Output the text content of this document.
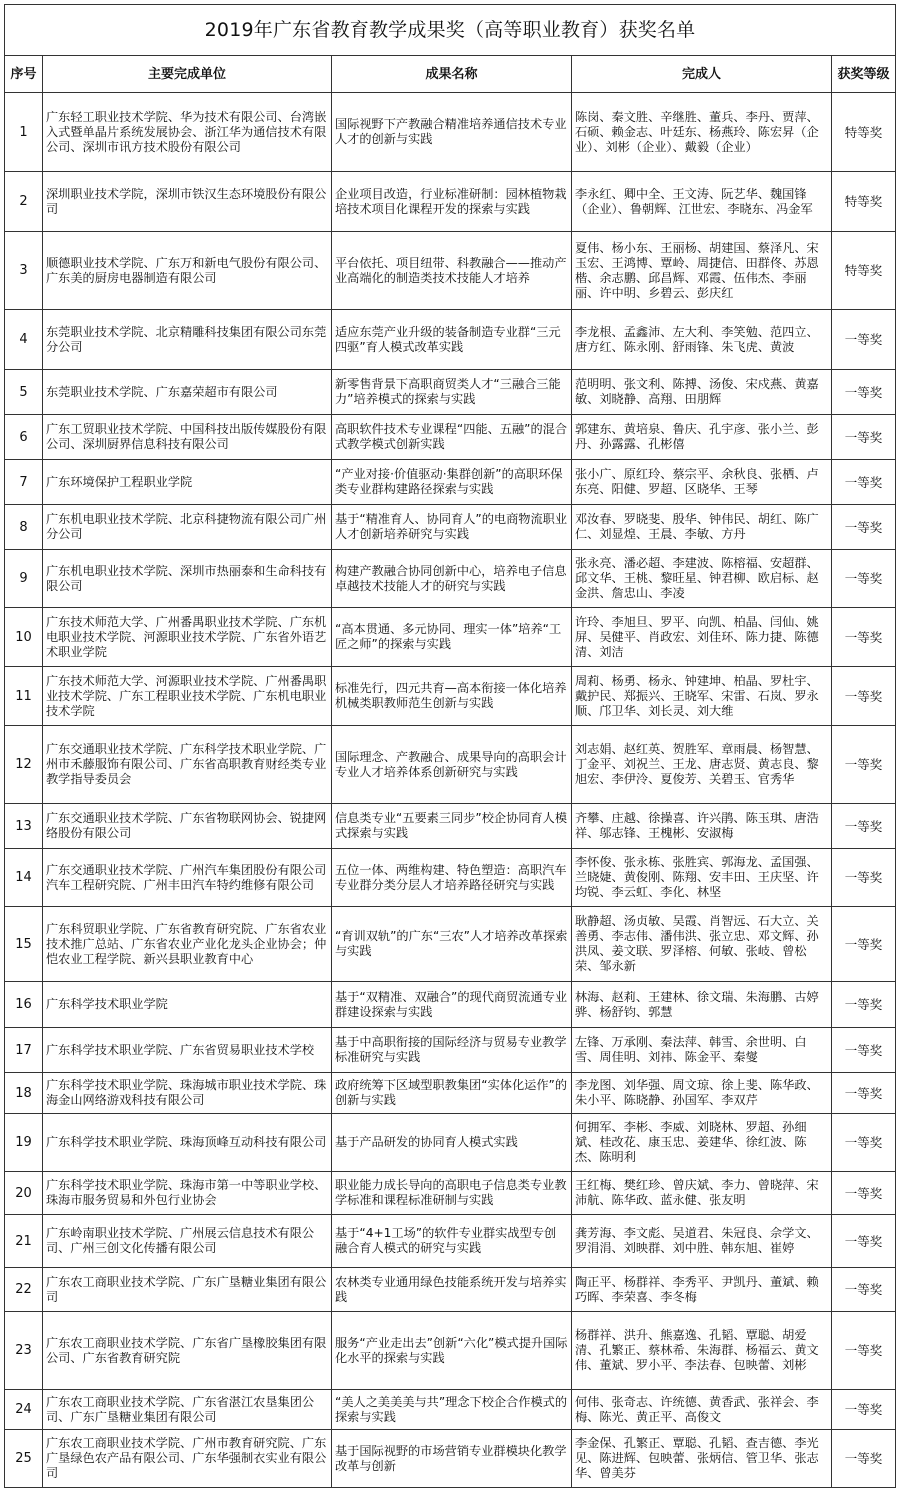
2019年广东省教育教学成果奖（高等职业教育）获奖名单				
序号	主要完成单位	成果名称	完成人	获奖等级
1	广东轻工职业技术学院、华为技术有限公司、台湾嵌入式暨单晶片系统发展协会、浙江华为通信技术有限公司、深圳市讯方技术股份有限公司	国际视野下产教融合精准培养通信技术专业人才的创新与实践	陈岗、秦文胜、辛继胜、董兵、李丹、贾萍、石硕、赖金志、叶廷东、杨燕玲、陈宏昇（企业）、刘彬（企业）、戴毅（企业）	特等奖
2	深圳职业技术学院，深圳市铁汉生态环境股份有限公司	企业项目改造，行业标准研制：园林植物栽培技术项目化课程开发的探索与实践	李永红、卿中全、王文涛、阮艺华、魏国锋（企业）、鲁朝辉、江世宏、李晓东、冯金军	特等奖
3	顺德职业技术学院、广东万和新电气股份有限公司、广东美的厨房电器制造有限公司	平台依托、项目纽带、科教融合——推动产业高端化的制造类技术技能人才培养	夏伟、杨小东、王丽杨、胡建国、蔡泽凡、宋玉宏、王鸿博、覃岭、周捷信、田群佟、苏恩楷、余志鹏、邱昌辉、邓霞、伍伟杰、李丽丽、许中明、乡碧云、彭庆红	特等奖
4	东莞职业技术学院、北京精雕科技集团有限公司东莞分公司	适应东莞产业升级的装备制造专业群“三元四驱”育人模式改革实践	李龙根、孟鑫沛、左大利、李笑勉、范四立、唐方红、陈永刚、舒雨锋、朱飞虎、黄波	一等奖
5	东莞职业技术学院、广东嘉荣超市有限公司	新零售背景下高职商贸类人才“三融合三能力”培养模式的探索与实践	范明明、张文利、陈搏、汤俊、宋戍燕、黄嘉敏、刘晓静、高翔、田朋辉	一等奖
6	广东工贸职业技术学院、中国科技出版传媒股份有限公司、深圳厨界信息科技有限公司	高职软件技术专业课程“四能、五融”的混合式教学模式创新实践	郭建东、黄培泉、鲁庆、孔宇彦、张小兰、彭丹、孙露露、孔彬僖	一等奖
7	广东环境保护工程职业学院	“产业对接·价值驱动·集群创新”的高职环保类专业群构建路径探索与实践	张小广、原红玲、蔡宗平、余秋良、张栖、卢东亮、阳健、罗超、区晓华、王琴	一等奖
8	广东机电职业技术学院、北京科捷物流有限公司广州分公司	基于“精准育人、协同育人”的电商物流职业人才创新培养研究与实践	邓汝春、罗晓斐、殷华、钟伟民、胡红、陈广仁、刘显煌、王晨、李敏、方丹	一等奖
9	广东机电职业技术学院、深圳市热丽泰和生命科技有限公司	构建产教融合协同创新中心，培养电子信息卓越技术技能人才的研究与实践	张永亮、潘必超、李建波、陈榕福、安超群、邱文华、王桃、黎旺星、钟君柳、欧启标、赵金洪、詹忠山、李凌	一等奖
10	广东技术师范大学、广州番禺职业技术学院、广东机电职业技术学院、河源职业技术学院、广东省外语艺术职业学院	“高本贯通、多元协同、理实一体”培养“工匠之师”的探索与实践	许玲、李旭旦、罗平、向凯、柏晶、闫仙、姚屏、吴健平、肖政宏、刘佳环、陈力捷、陈德清、刘洁	一等奖
11	广东技术师范大学、河源职业技术学院、广州番禺职业技术学院、广东工程职业技术学院、广东机电职业技术学院	标准先行，四元共育—高本衔接一体化培养机械类职教师范生创新与实践	周莉、杨勇、杨永、钟建坤、柏晶、罗杜宇、戴护民、郑振兴、王晓军、宋雷、石岚、罗永顺、邝卫华、刘长灵、刘大维	一等奖
12	广东交通职业技术学院、广东科学技术职业学院、广州市禾藤服饰有限公司、广东省高职教育财经类专业教学指导委员会	国际理念、产教融合、成果导向的高职会计专业人才培养体系创新研究与实践	刘志娟、赵红英、贺胜军、章雨晨、杨智慧、丁金平、刘祝兰、王龙、唐志贤、黄志良、黎旭宏、李伊泠、夏俊芳、关碧玉、官秀华	一等奖
13	广东交通职业技术学院、广东省物联网协会、锐捷网络股份有限公司	信息类专业“五要素三同步”校企协同育人模式探索与实践	齐攀、庄越、徐操喜、许兴鹃、陈玉琪、唐浩祥、邬志锋、王槐彬、安淑梅	一等奖
14	广东交通职业技术学院、广州汽车集团股份有限公司汽车工程研究院、广州丰田汽车特约维修有限公司	五位一体、两维构建、特色塑造：高职汽车专业群分类分层人才培养路径研究与实践	李怀俊、张永栋、张胜宾、郭海龙、孟国强、兰晓婕、黄俊刚、陈翔、安丰田、王庆坚、许均锐、李云虹、李化、林坚	一等奖
15	广东科贸职业学院、广东省教育研究院、广东省农业技术推广总站、广东省农业产业化龙头企业协会；仲恺农业工程学院、新兴县职业教育中心	“育训双轨”的广东“三农”人才培养改革探索与实践	耿静超、汤贞敏、吴霞、肖智远、石大立、关善勇、李志伟、潘伟洪、张立忠、邓文辉、孙洪凤、姜文联、罗泽榕、何敏、张岐、曾松荣、邹永新	一等奖
16	广东科学技术职业学院	基于“双精准、双融合”的现代商贸流通专业群建设探索与实践	林海、赵莉、王建林、徐文瑞、朱海鹏、古婷骅、杨舒钧、郭慧	一等奖
17	广东科学技术职业学院、广东省贸易职业技术学校	基于中高职衔接的国际经济与贸易专业教学标准研究与实践	左锋、万承刚、秦法萍、韩雪、余世明、白雪、周佳明、刘祎、陈金平、秦燮	一等奖
18	广东科学技术职业学院、珠海城市职业技术学院、珠海金山网络游戏科技有限公司	政府统筹下区域型职教集团“实体化运作”的创新与实践	李龙图、刘华强、周文琼、徐上斐、陈华政、朱小平、陈晓静、孙国军、李双芹	一等奖
19	广东科学技术职业学院、珠海顶峰互动科技有限公司	基于产品研发的协同育人模式实践	何拥军、李彬、李威、刘晓林、罗超、孙细斌、桂改花、康玉忠、姜建华、徐红波、陈杰、陈明利	一等奖
20	广东科学技术职业学院、珠海市第一中等职业学校、珠海市服务贸易和外包行业协会	职业能力成长导向的高职电子信息类专业教学标准和课程标准研制与实践	王红梅、樊红珍、曾庆斌、李力、曾晓萍、宋沛航、陈华政、蓝永健、张友明	一等奖
21	广东岭南职业技术学院、广州展云信息技术有限公司、广州三创文化传播有限公司	基于“4+1工场”的软件专业群实战型专创融合育人模式的研究与实践	龚芳海、李文彪、吴道君、朱冠良、佘学文、罗涓涓、刘映群、刘中胜、韩东旭、崔婷	一等奖
22	广东农工商职业技术学院、广东广垦糖业集团有限公司	农林类专业通用绿色技能系统开发与培养实践	陶正平、杨群祥、李秀平、尹凯丹、董斌、赖巧晖、李荣喜、李冬梅	一等奖
23	广东农工商职业技术学院、广东省广垦橡胶集团有限公司、广东省教育研究院	服务“产业走出去”创新“六化”模式提升国际化水平的探索与实践	杨群祥、洪升、熊嘉逸、孔韬、覃聪、胡爱清、孔繁正、蔡林希、朱海群、杨福云、黄文伟、董斌、罗小平、李法春、包映蕾、刘彬	一等奖
24	广东农工商职业技术学院、广东省湛江农垦集团公司、广东广垦糖业集团有限公司	“美人之美美美与共”理念下校企合作模式的探索与实践	何伟、张奇志、许统德、黄香武、张祥会、李梅、陈光、黄正平、高俊文	一等奖
25	广东农工商职业技术学院、广州市教育研究院、广东广垦绿色农产品有限公司、广东华强制衣实业有限公司	基于国际视野的市场营销专业群模块化教学改革与创新	李金保、孔繁正、覃聪、孔韬、查吉德、李光见、陈进辉、包映蕾、张炳信、管卫华、张志华、曾美芬	一等奖
